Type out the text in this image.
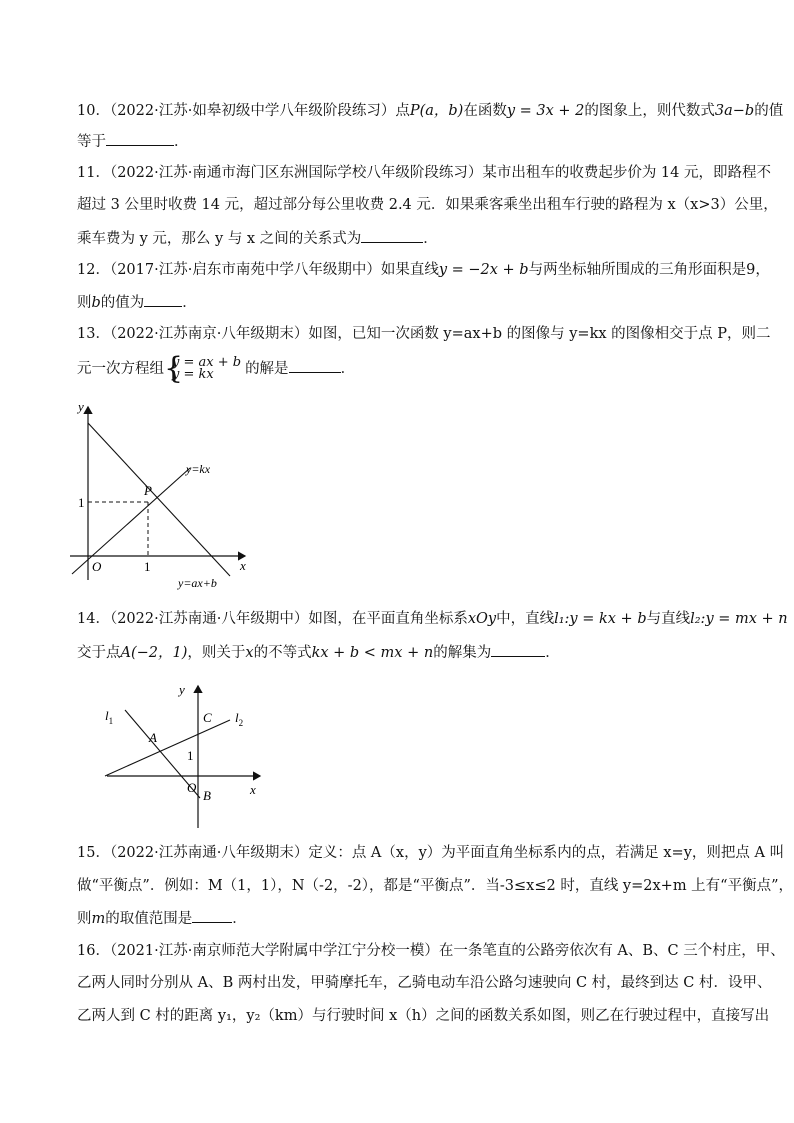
10．（2022·江苏·如皋初级中学八年级阶段练习）点P(a，b)在函数y = 3x + 2的图象上，则代数式3a−b的值
等于	．
11．（2022·江苏·南通市海门区东洲国际学校八年级阶段练习）某市出租车的收费起步价为 14 元，即路程不
超过 3 公里时收费 14 元，超过部分每公里收费 2.4 元．如果乘客乘坐出租车行驶的路程为 x（x>3）公里，
乘车费为 y 元，那么 y 与 x 之间的关系式为	．
12．（2017·江苏·启东市南苑中学八年级期中）如果直线y = −2x + b与两坐标轴所围成的三角形面积是9，
则b的值为	．
13．（2022·江苏南京·八年级期末）如图，已知一次函数 y=ax+b 的图像与 y=kx 的图像相交于点 P，则二
元一次方程组 {
y = ax + b
y = kx	的解是	．
y
x
O
P
1
1
y=kx
y=ax+b
14．（2022·江苏南通·八年级期中）如图，在平面直角坐标系xOy中，直线l₁:y = kx + b与直线l₂:y = mx + n
交于点A(−2，1)，则关于x的不等式kx + b < mx + n的解集为	．
y
x
O
$l_1$	$l_2$
A
C
B
1
15．（2022·江苏南通·八年级期末）定义：点 A（x，y）为平面直角坐标系内的点，若满足 x=y，则把点 A 叫
做“平衡点”．例如：M（1，1），N（-2，-2），都是“平衡点”．当-3≤x≤2 时，直线 y=2x+m 上有“平衡点”，
则m的取值范围是	．
16．（2021·江苏·南京师范大学附属中学江宁分校一模）在一条笔直的公路旁依次有 A、B、C 三个村庄，甲、
乙两人同时分别从 A、B 两村出发，甲骑摩托车，乙骑电动车沿公路匀速驶向 C 村，最终到达 C 村．设甲、
乙两人到 C 村的距离 y₁，y₂（km）与行驶时间 x（h）之间的函数关系如图，则乙在行驶过程中，直接写出
